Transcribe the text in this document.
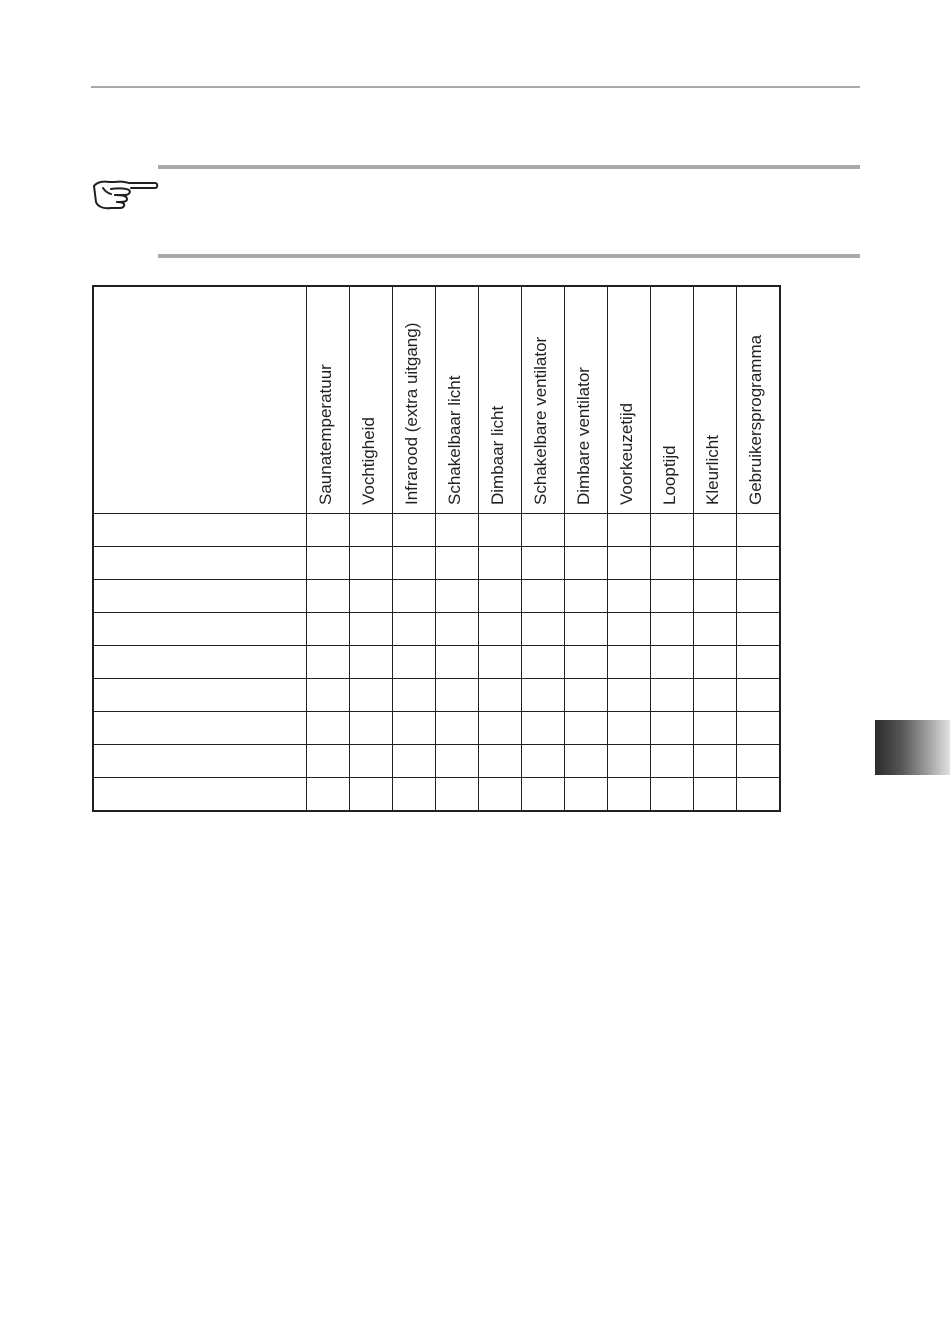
	Saunatemperatuur	Vochtigheid	Infrarood (extra uitgang)	Schakelbaar licht	Dimbaar licht	Schakelbare ventilator	Dimbare ventilator	Voorkeuzetijd	Looptijd	Kleurlicht	Gebruikersprogramma
